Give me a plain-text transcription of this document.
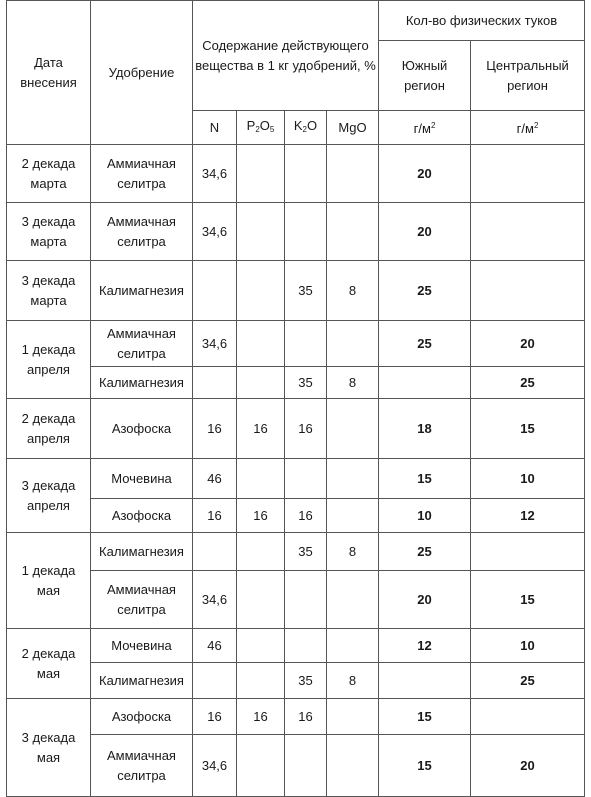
Дата внесения	Удобрение	Содержание действующего вещества в 1 кг удобрений, %				Кол-во физических туков	
						Южный регион	Центральный регион
		N	$P_2O_5$	$K_2O$	MgO	$г/м^2$	$г/м^2$
2 декада марта	Аммиачная селитра	34,6				20	
3 декада марта	Аммиачная селитра	34,6				20	
3 декада марта	Калимагнезия			35	8	25	
1 декада апреля	Аммиачная селитра	34,6				25	20
	Калимагнезия			35	8		25
2 декада апреля	Азофоска	16	16	16		18	15
3 декада апреля	Мочевина	46				15	10
	Азофоска	16	16	16		10	12
1 декада мая	Калимагнезия			35	8	25	
	Аммиачная селитра	34,6				20	15
2 декада мая	Мочевина	46				12	10
	Калимагнезия			35	8		25
3 декада мая	Азофоска	16	16	16		15	
	Аммиачная селитра	34,6				15	20
